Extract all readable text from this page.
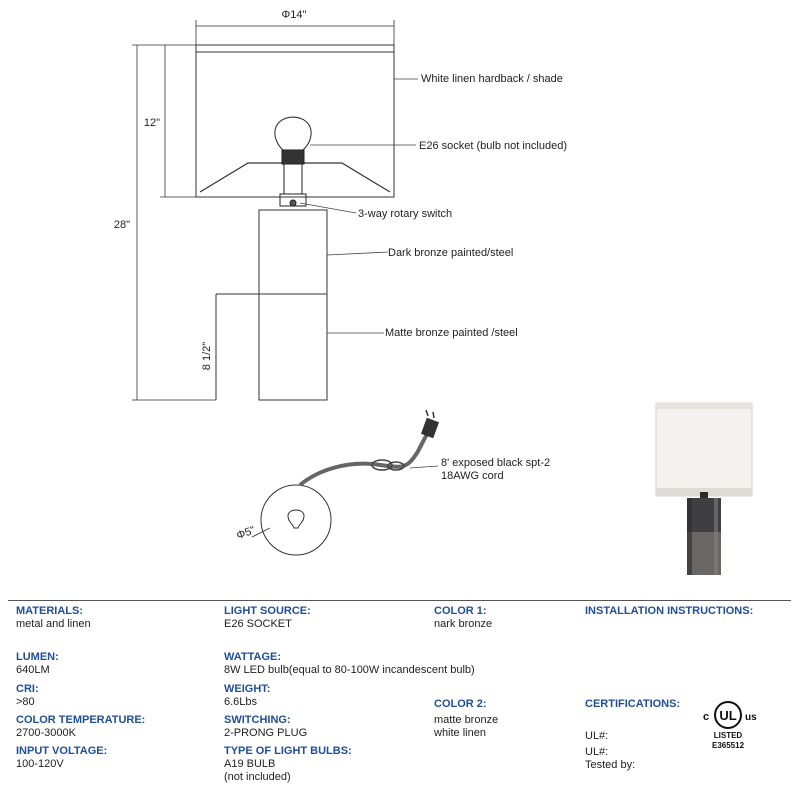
Φ14"
12"
28"
8 1/2"
White linen hardback / shade
E26 socket (bulb not included)
3-way rotary switch
Dark bronze painted/steel
Matte bronze painted /steel
8' exposed black spt-2
18AWG cord
Φ5"
MATERIALS:
metal and linen
LIGHT SOURCE:
E26 SOCKET
COLOR 1:
nark bronze
INSTALLATION INSTRUCTIONS:
LUMEN:
640LM
WATTAGE:
8W LED bulb(equal to 80-100W incandescent bulb)
CRI:
>80
WEIGHT:
6.6Lbs	COLOR 2:
matte bronze
white linen
CERTIFICATIONS:
COLOR TEMPERATURE:
2700-3000K
SWITCHING:
2-PRONG PLUG
INPUT VOLTAGE:
100-120V
TYPE OF LIGHT BULBS:
A19 BULB
(not included)
UL#:
UL#:
Tested by:
c UL us
LISTED
E365512
